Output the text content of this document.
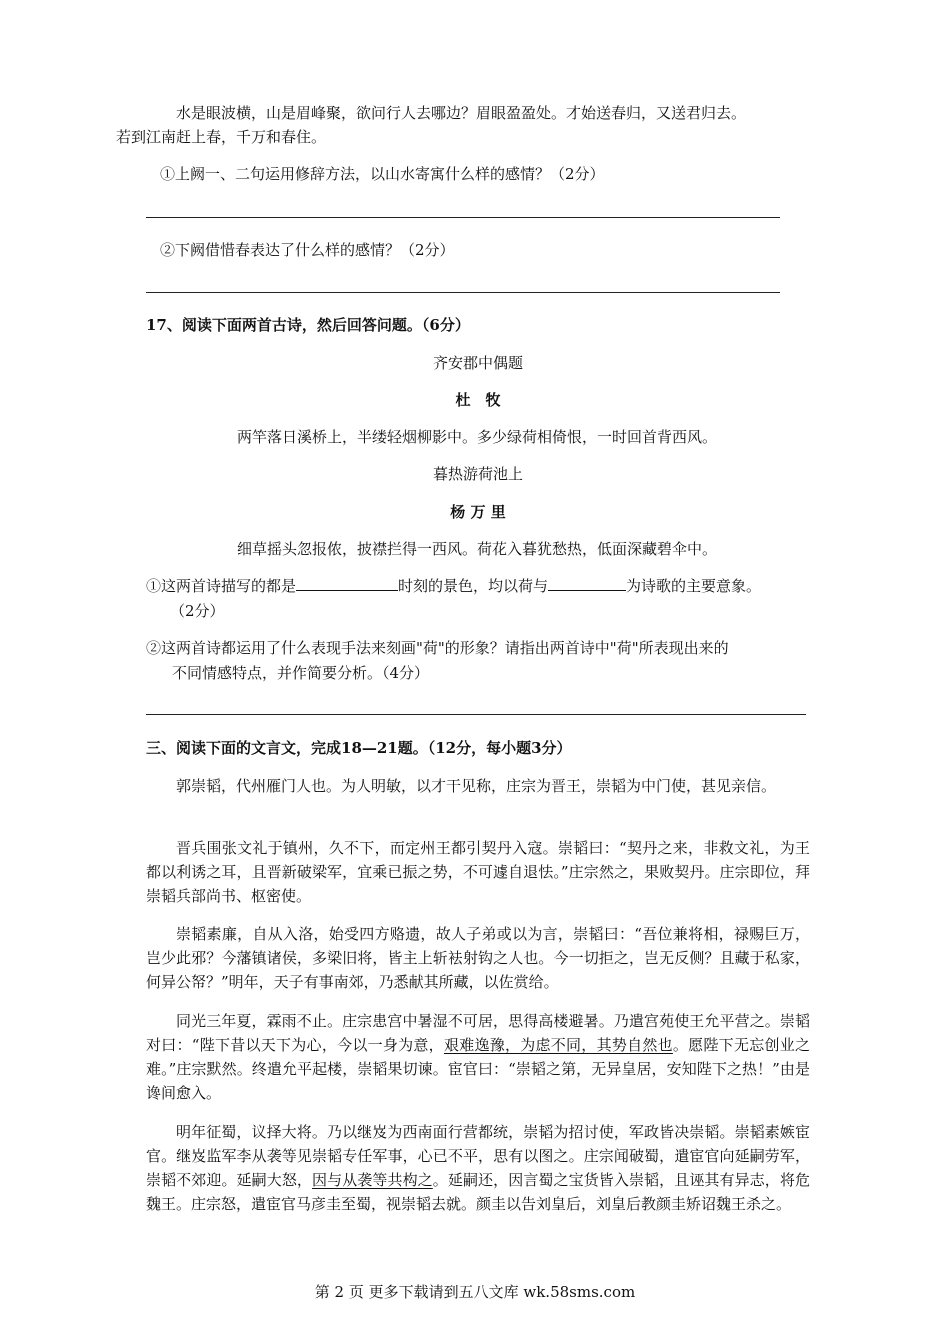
水是眼波横，山是眉峰聚，欲问行人去哪边？眉眼盈盈处。才始送春归，又送君归去。
若到江南赶上春，千万和春住。
①上阙一、二句运用修辞方法，以山水寄寓什么样的感情？（2分）
②下阙借惜春表达了什么样的感情？（2分）
17、阅读下面两首古诗，然后回答问题。（6分）
齐安郡中偶题
杜　牧
两竿落日溪桥上，半缕轻烟柳影中。多少绿荷相倚恨，一时回首背西风。
暮热游荷池上
杨 万 里
细草摇头忽报侬，披襟拦得一西风。荷花入暮犹愁热，低面深藏碧伞中。
①这两首诗描写的都是	时刻的景色，均以荷与	为诗歌的主要意象。
（2分）
②这两首诗都运用了什么表现手法来刻画"荷"的形象？请指出两首诗中"荷"所表现出来的
不同情感特点，并作简要分析。（4分）
三、阅读下面的文言文，完成18—21题。（12分，每小题3分）
郭崇韬，代州雁门人也。为人明敏，以才干见称，庄宗为晋王，崇韬为中门使，甚见亲信。
晋兵围张文礼于镇州，久不下，而定州王都引契丹入寇。崇韬曰：“契丹之来，非救文礼，为王都以利诱之耳，且晋新破梁军，宜乘已振之势，不可遽自退怯。”庄宗然之，果败契丹。庄宗即位，拜崇韬兵部尚书、枢密使。
崇韬素廉，自从入洛，始受四方赂遗，故人子弟或以为言，崇韬曰：“吾位兼将相，禄赐巨万，岂少此邪？今藩镇诸侯，多梁旧将，皆主上斩袪射钩之人也。今一切拒之，岂无反侧？且藏于私家，何异公帑？”明年，天子有事南郊，乃悉献其所藏，以佐赏给。
同光三年夏，霖雨不止。庄宗患宫中暑湿不可居，思得高楼避暑。乃遣宫苑使王允平营之。崇韬对曰：“陛下昔以天下为心，今以一身为意，艰难逸豫，为虑不同，其势自然也。愿陛下无忘创业之难。”庄宗默然。终遣允平起楼，崇韬果切谏。宦官曰：“崇韬之第，无异皇居，安知陛下之热！”由是谗间愈入。
明年征蜀，议择大将。乃以继岌为西南面行营都统，崇韬为招讨使，军政皆决崇韬。崇韬素嫉宦官。继岌监军李从袭等见崇韬专任军事，心已不平，思有以图之。庄宗闻破蜀，遣宦官向延嗣劳军，崇韬不郊迎。延嗣大怒，因与从袭等共构之。延嗣还，因言蜀之宝货皆入崇韬，且诬其有异志，将危魏王。庄宗怒，遣宦官马彦圭至蜀，视崇韬去就。颜圭以告刘皇后，刘皇后教颜圭矫诏魏王杀之。
第 2 页 更多下载请到五八文库 wk.58sms.com
